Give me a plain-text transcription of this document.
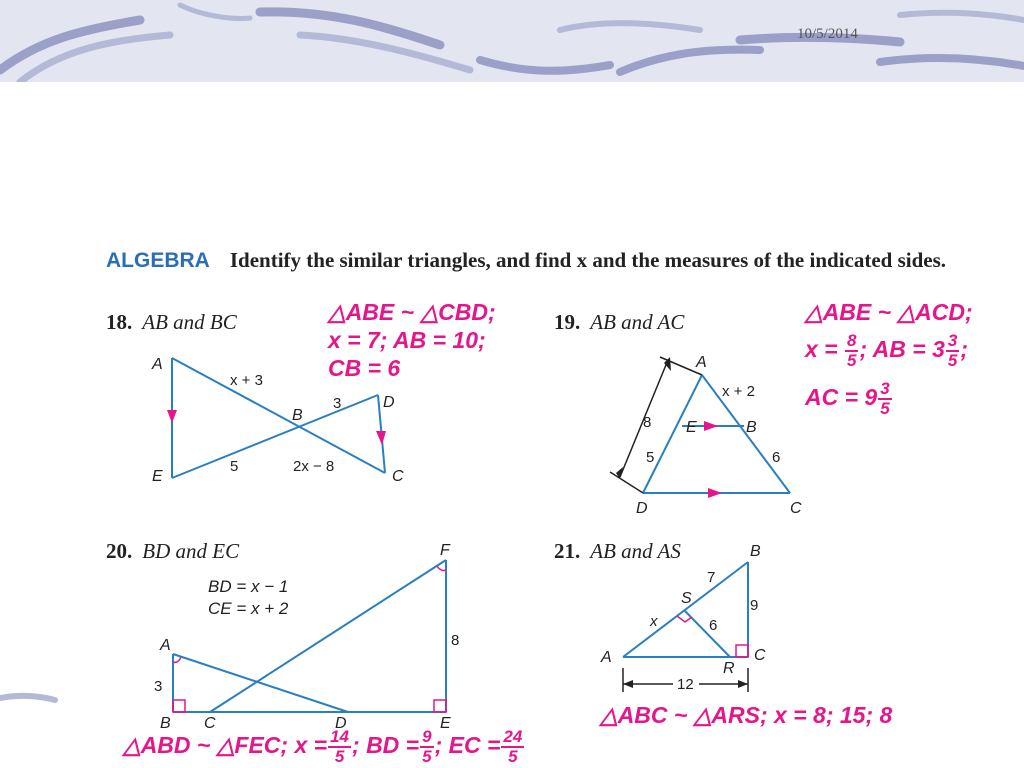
10/5/2014
ALGEBRA Identify the similar triangles, and find x and the measures of the indicated sides.
18. AB and BC	△ABE ~ △CBD;
x = 7; AB = 10;
CB = 6
A
B
C
D
E
x + 3
3
5	2x − 8
19. AB and AC	△ABE ~ △ACD;
$x = \frac{8}{5}$ ; AB = $3 \frac{3}{5}$ ;
AC = $9 \frac{3}{5}$
A
B
C
D
E
8
5
x + 2
6
20. BD and EC
A
B C	D	E
F
BD = x − 1
CE = x + 2
3
8
△ABD ~ △FEC; $x = \frac{14}{5}$ ; BD = $\frac{9}{5}$ ; EC = $\frac{24}{5}$
21. AB and AS
A
B
C
R
S
7
9
x	6
12
△ABC ~ △ARS; x = 8; 15; 8
